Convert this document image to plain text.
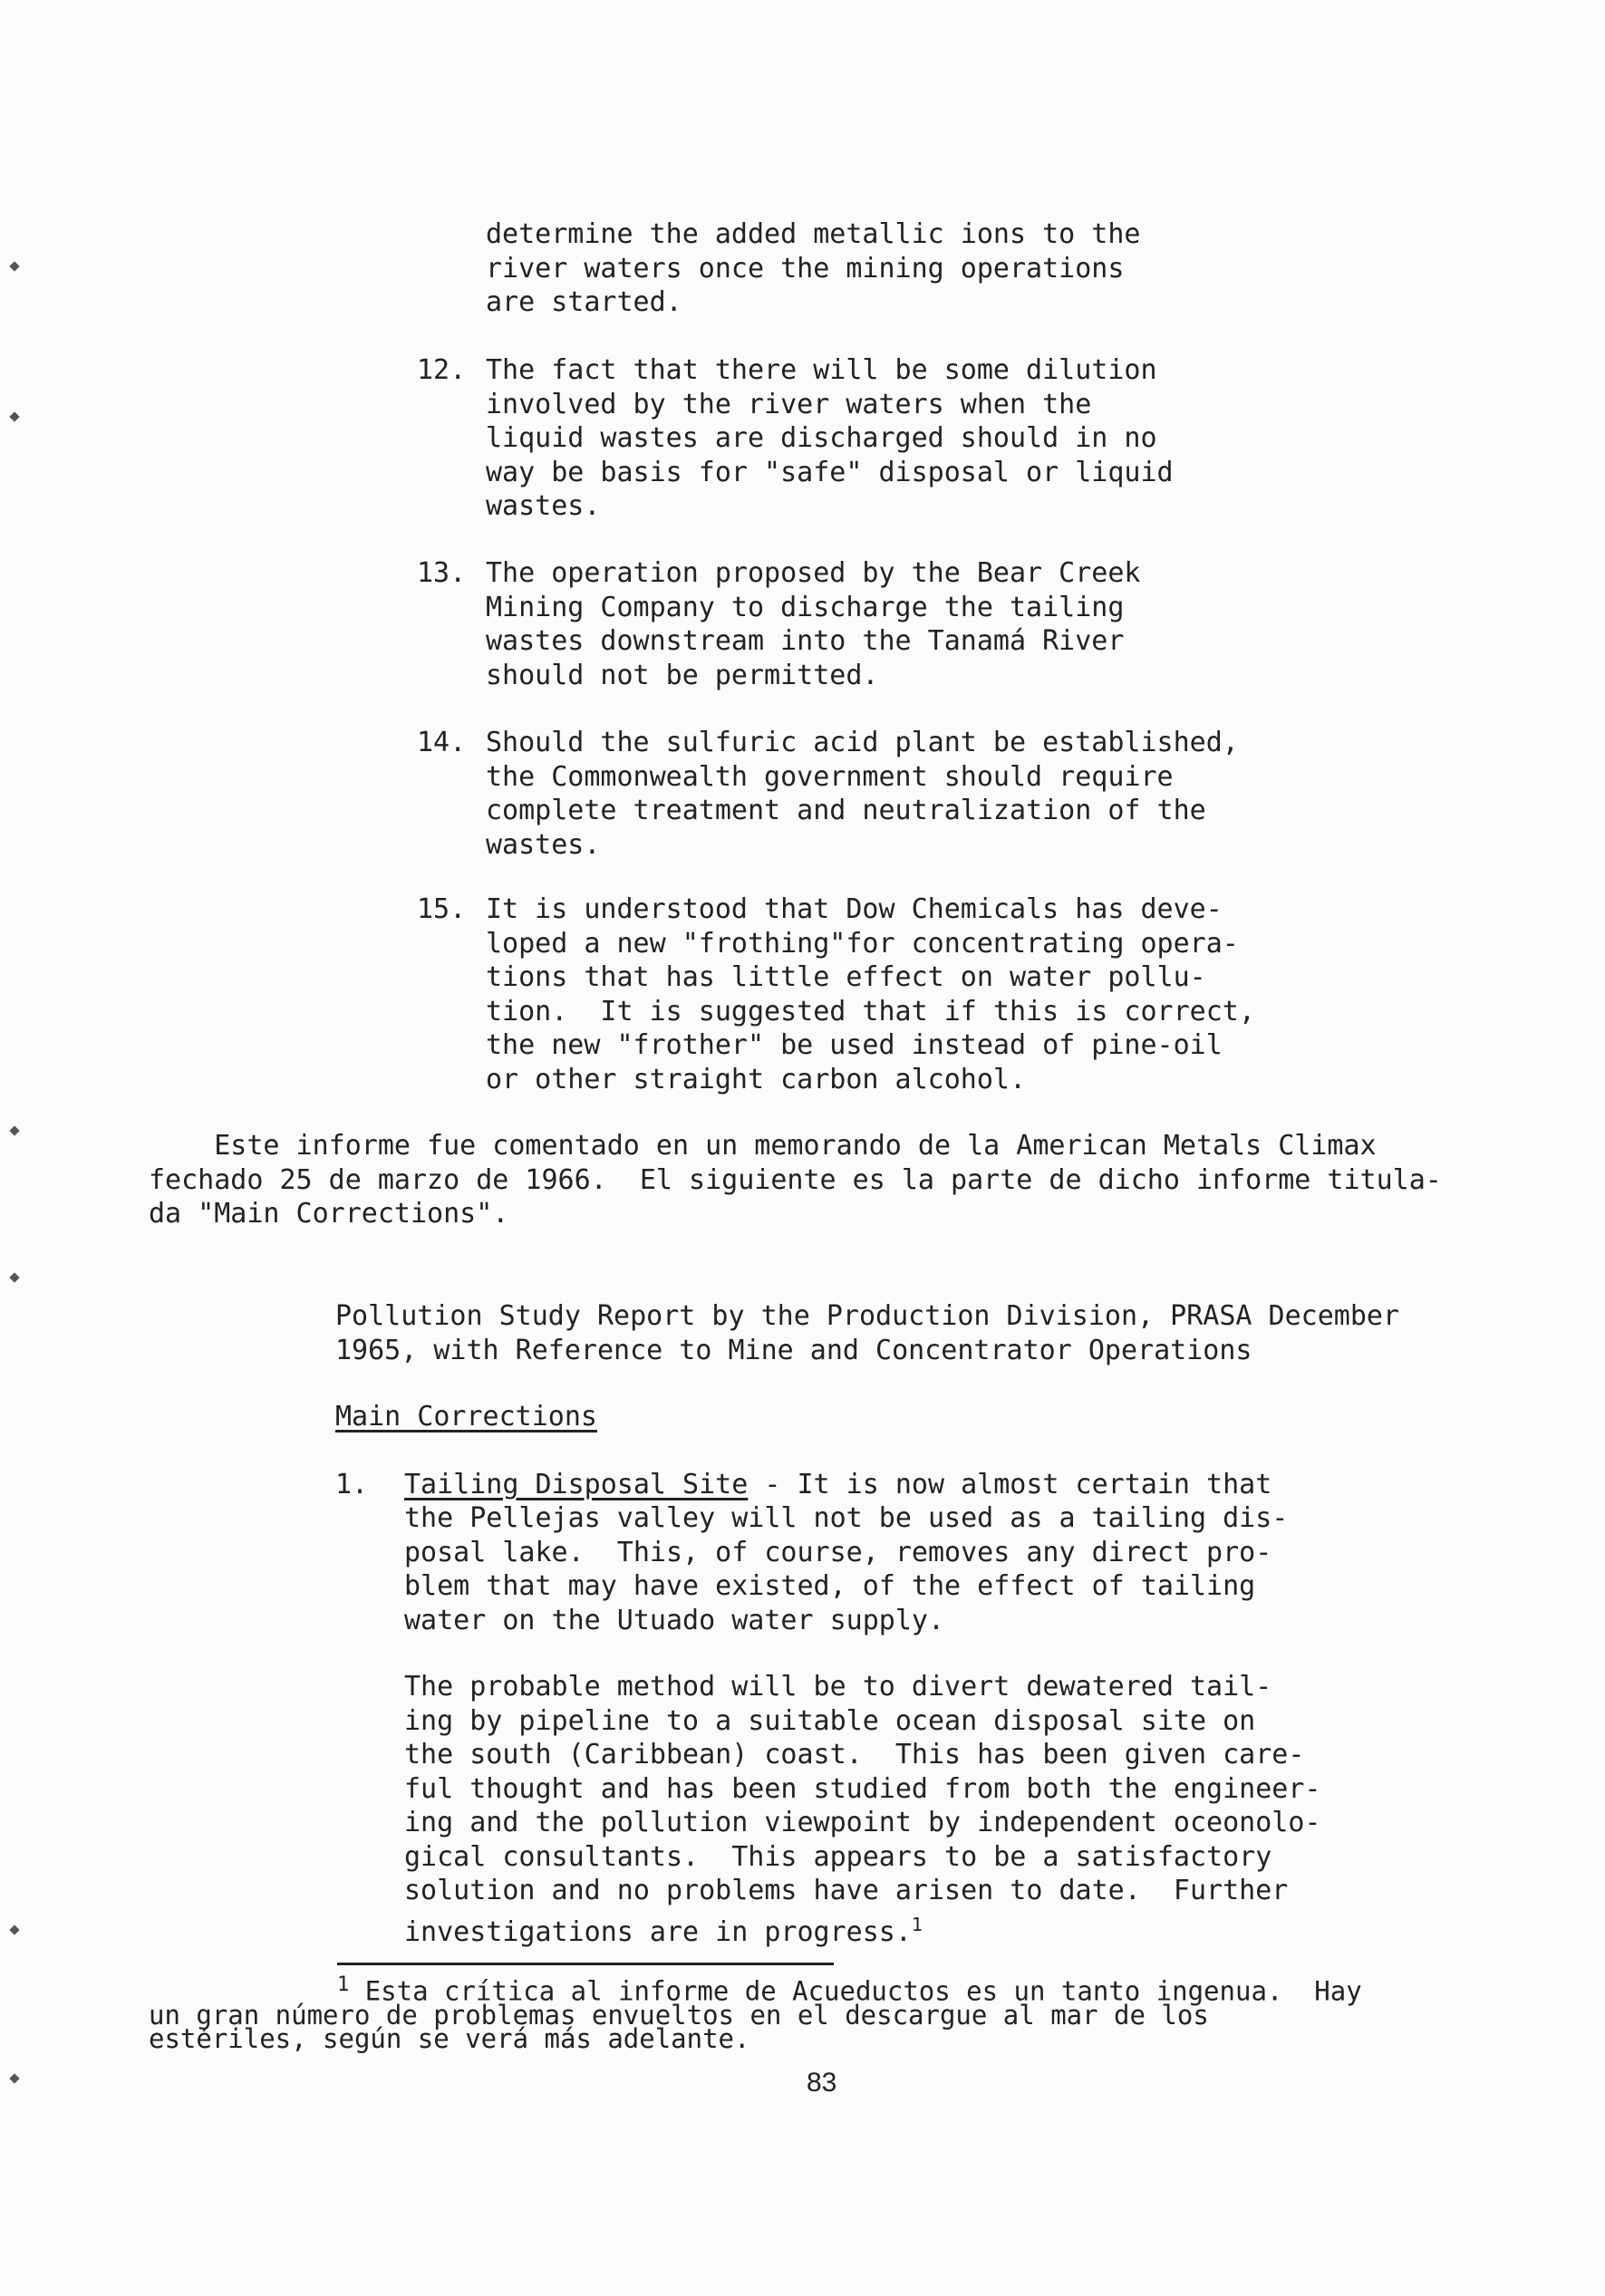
determine the added metallic ions to the
river waters once the mining operations
are started.
12. The fact that there will be some dilution
involved by the river waters when the
liquid wastes are discharged should in no
way be basis for "safe" disposal or liquid
wastes.
13. The operation proposed by the Bear Creek
Mining Company to discharge the tailing
wastes downstream into the Tanamá River
should not be permitted.
14. Should the sulfuric acid plant be established,
the Commonwealth government should require
complete treatment and neutralization of the
wastes.
15. It is understood that Dow Chemicals has deve-
loped a new "frothing"for concentrating opera-
tions that has little effect on water pollu-
tion.  It is suggested that if this is correct,
the new "frother" be used instead of pine-oil
or other straight carbon alcohol.
Este informe fue comentado en un memorando de la American Metals Climax
fechado 25 de marzo de 1966.  El siguiente es la parte de dicho informe titula-
da "Main Corrections".
Pollution Study Report by the Production Division, PRASA December
1965, with Reference to Mine and Concentrator Operations
Main Corrections
1. Tailing Disposal Site - It is now almost certain that
the Pellejas valley will not be used as a tailing dis-
posal lake.  This, of course, removes any direct pro-
blem that may have existed, of the effect of tailing
water on the Utuado water supply.
The probable method will be to divert dewatered tail-
ing by pipeline to a suitable ocean disposal site on
the south (Caribbean) coast.  This has been given care-
ful thought and has been studied from both the engineer-
ing and the pollution viewpoint by independent oceonolo-
gical consultants.  This appears to be a satisfactory
solution and no problems have arisen to date.  Further
investigations are in progress.$^1$
$^1$ Esta crítica al informe de Acueductos es un tanto ingenua.  Hay
un gran número de problemas envueltos en el descargue al mar de los
estériles, según se verá más adelante.
83
